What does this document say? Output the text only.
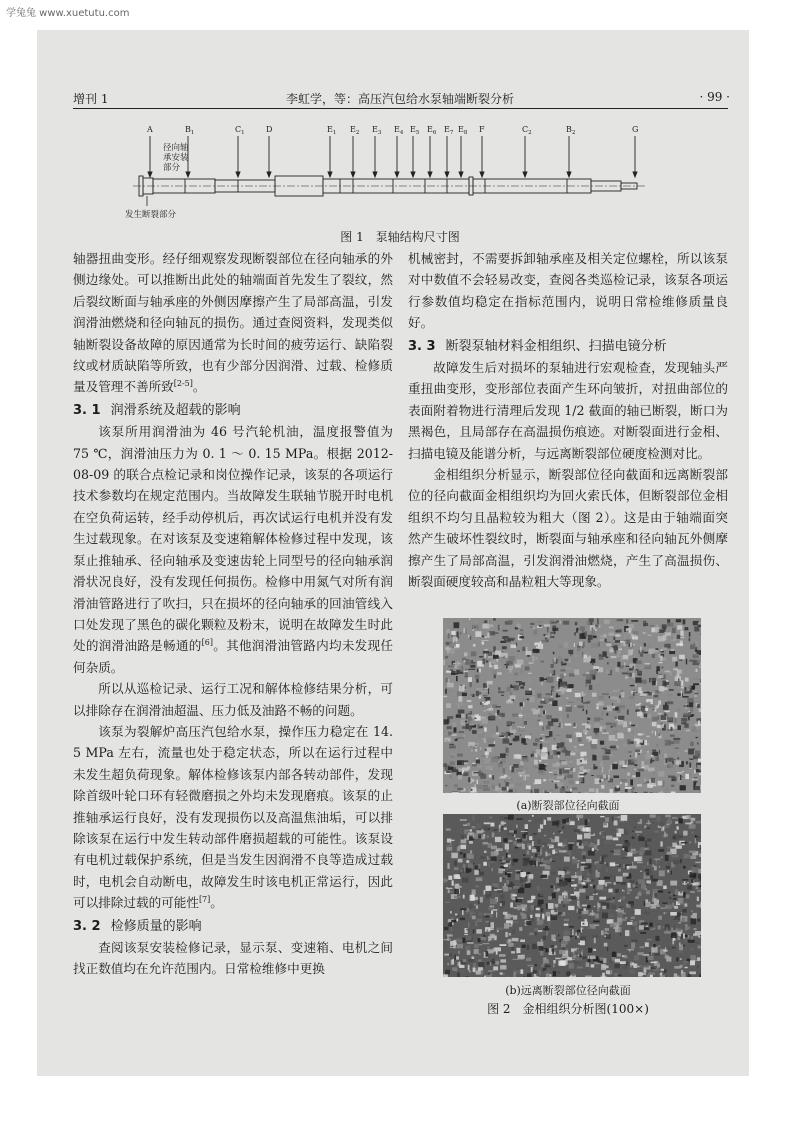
学兔兔 www.xuetutu.com
增刊 1	李虹学，等：高压汽包给水泵轴端断裂分析	· 99 ·
A	$B_1$	$C_1$	D	$E_1$ $E_2$ $E_3$ $E_4$ $E_5$ $E_6$ $E_7$ $E_8$ F	$C_2$	$B_2$	G
径向轴
承安装
部分
发生断裂部分
图 1　泵轴结构尺寸图

轴器扭曲变形。经仔细观察发现断裂部位在径向轴承的外侧边缘处。可以推断出此处的轴端面首先发生了裂纹，然后裂纹断面与轴承座的外侧因摩擦产生了局部高温，引发润滑油燃烧和径向轴瓦的损伤。通过查阅资料，发现类似轴断裂设备故障的原因通常为长时间的疲劳运行、缺陷裂纹或材质缺陷等所致，也有少部分因润滑、过载、检修质量及管理不善所致[2-5]。

3. 1 润滑系统及超载的影响

该泵所用润滑油为 46 号汽轮机油，温度报警值为 75 ℃，润滑油压力为 0. 1 ～ 0. 15 MPa。根据 2012-08-09 的联合点检记录和岗位操作记录，该泵的各项运行技术参数均在规定范围内。当故障发生联轴节脱开时电机在空负荷运转，经手动停机后，再次试运行电机并没有发生过载现象。在对该泵及变速箱解体检修过程中发现，该泵止推轴承、径向轴承及变速齿轮上同型号的径向轴承润滑状况良好，没有发现任何损伤。检修中用氮气对所有润滑油管路进行了吹扫，只在损坏的径向轴承的回油管线入口处发现了黑色的碳化颗粒及粉末，说明在故障发生时此处的润滑油路是畅通的[6]。其他润滑油管路内均未发现任何杂质。

所以从巡检记录、运行工况和解体检修结果分析，可以排除存在润滑油超温、压力低及油路不畅的问题。

该泵为裂解炉高压汽包给水泵，操作压力稳定在 14. 5 MPa 左右，流量也处于稳定状态，所以在运行过程中未发生超负荷现象。解体检修该泵内部各转动部件，发现除首级叶轮口环有轻微磨损之外均未发现磨痕。该泵的止推轴承运行良好，没有发现损伤以及高温焦油垢，可以排除该泵在运行中发生转动部件磨损超载的可能性。该泵设有电机过载保护系统，但是当发生因润滑不良等造成过载时，电机会自动断电，故障发生时该电机正常运行，因此可以排除过载的可能性[7]。

3. 2 检修质量的影响

查阅该泵安装检修记录，显示泵、变速箱、电机之间找正数值均在允许范围内。日常检维修中更换

机械密封，不需要拆卸轴承座及相关定位螺栓，所以该泵对中数值不会轻易改变，查阅各类巡检记录，该泵各项运行参数值均稳定在指标范围内，说明日常检维修质量良好。

3. 3 断裂泵轴材料金相组织、扫描电镜分析

故障发生后对损坏的泵轴进行宏观检查，发现轴头严重扭曲变形，变形部位表面产生环向皱折，对扭曲部位的表面附着物进行清理后发现 1/2 截面的轴已断裂，断口为黑褐色，且局部存在高温损伤痕迹。对断裂面进行金相、扫描电镜及能谱分析，与远离断裂部位硬度检测对比。

金相组织分析显示，断裂部位径向截面和远离断裂部位的径向截面金相组织均为回火索氏体，但断裂部位金相组织不均匀且晶粒较为粗大（图 2）。这是由于轴端面突然产生破坏性裂纹时，断裂面与轴承座和径向轴瓦外侧摩擦产生了局部高温，引发润滑油燃烧，产生了高温损伤、断裂面硬度较高和晶粒粗大等现象。

(a)断裂部位径向截面
(b)远离断裂部位径向截面
图 2　金相组织分析图(100×)
